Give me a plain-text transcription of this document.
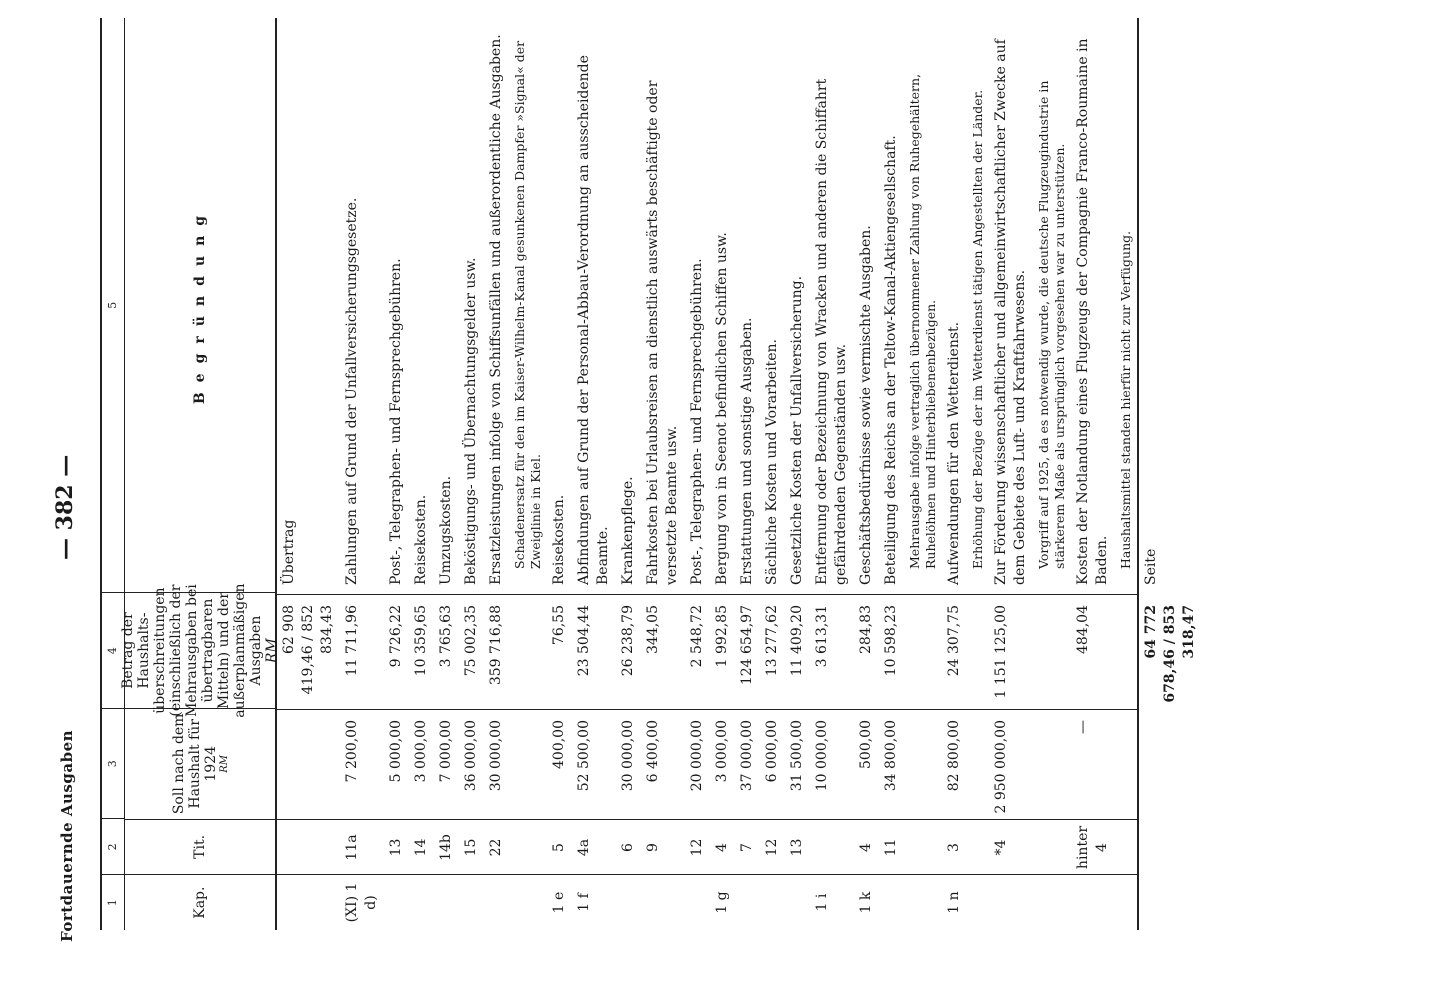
Fortdauernde Ausgaben
— 382 —
1
2
3
4
5
Kap.
Tit.
Soll nach dem Haushalt für 1924 RM
Betrag der Haushalts-überschreitungen (einschließlich der Mehrausgaben bei übertragbaren Mitteln) und der außerplanmäßigen Ausgaben RM
Begründung
62 908 419,46 / 852 834,43
Übertrag
(XI) 1 d)
11a
7 200,00
11 711,96
Zahlungen auf Grund der Unfallversicherungsgesetze.
13
5 000,00
9 726,22
Post-, Telegraphen- und Fernsprechgebühren.
14
3 000,00
10 359,65
Reisekosten.
14b
7 000,00
3 765,63
Umzugskosten.
15
36 000,00
75 002,35
Beköstigungs- und Übernachtungsgelder usw.
22
30 000,00
359 716,88
Ersatzleistungen infolge von Schiffsunfällen und außerordentliche Ausgaben. Schadenersatz für den im Kaiser-Wilhelm-Kanal gesunkenen Dampfer »Signal« der Zweiglinie in Kiel.
1 e
5
400,00
76,55
Reisekosten.
1 f
4a
52 500,00
23 504,44
Abfindungen auf Grund der Personal-Abbau-Verordnung an ausscheidende Beamte.
6
30 000,00
26 238,79
Krankenpflege.
9
6 400,00
344,05
Fahrkosten bei Urlaubsreisen an dienstlich auswärts beschäftigte oder versetzte Beamte usw.
12
20 000,00
2 548,72
Post-, Telegraphen- und Fernsprechgebühren.
1 g
4
3 000,00
1 992,85
Bergung von in Seenot befindlichen Schiffen usw.
7
37 000,00
124 654,97
Erstattungen und sonstige Ausgaben.
12
6 000,00
13 277,62
Sächliche Kosten und Vorarbeiten.
13
31 500,00
11 409,20
Gesetzliche Kosten der Unfallversicherung.
1 i
10 000,00
3 613,31
Entfernung oder Bezeichnung von Wracken und anderen die Schiffahrt gefährdenden Gegenständen usw.
1 k
4
500,00
284,83
Geschäftsbedürfnisse sowie vermischte Ausgaben.
11
34 800,00
10 598,23
Beteiligung des Reichs an der Teltow-Kanal-Aktiengesellschaft. Mehrausgabe infolge vertraglich übernommener Zahlung von Ruhegehältern, Ruhelöhnen und Hinterbliebenenbezügen.
1 n
3
82 800,00
24 307,75
Aufwendungen für den Wetterdienst. Erhöhung der Bezüge der im Wetterdienst tätigen Angestellten der Länder.
*4
2 950 000,00
1 151 125,00
Zur Förderung wissenschaftlicher und allgemeinwirtschaftlicher Zwecke auf dem Gebiete des Luft- und Kraftfahrwesens. Vorgriff auf 1925, da es notwendig wurde, die deutsche Flugzeugindustrie in stärkerem Maße als ursprünglich vorgesehen war zu unterstützen.
hinter 4
—
484,04
Kosten der Notlandung eines Flugzeugs der Compagnie Franco-Roumaine in Baden. Haushaltsmittel standen hierfür nicht zur Verfügung.
64 772 678,46 / 853 318,47
Seite
